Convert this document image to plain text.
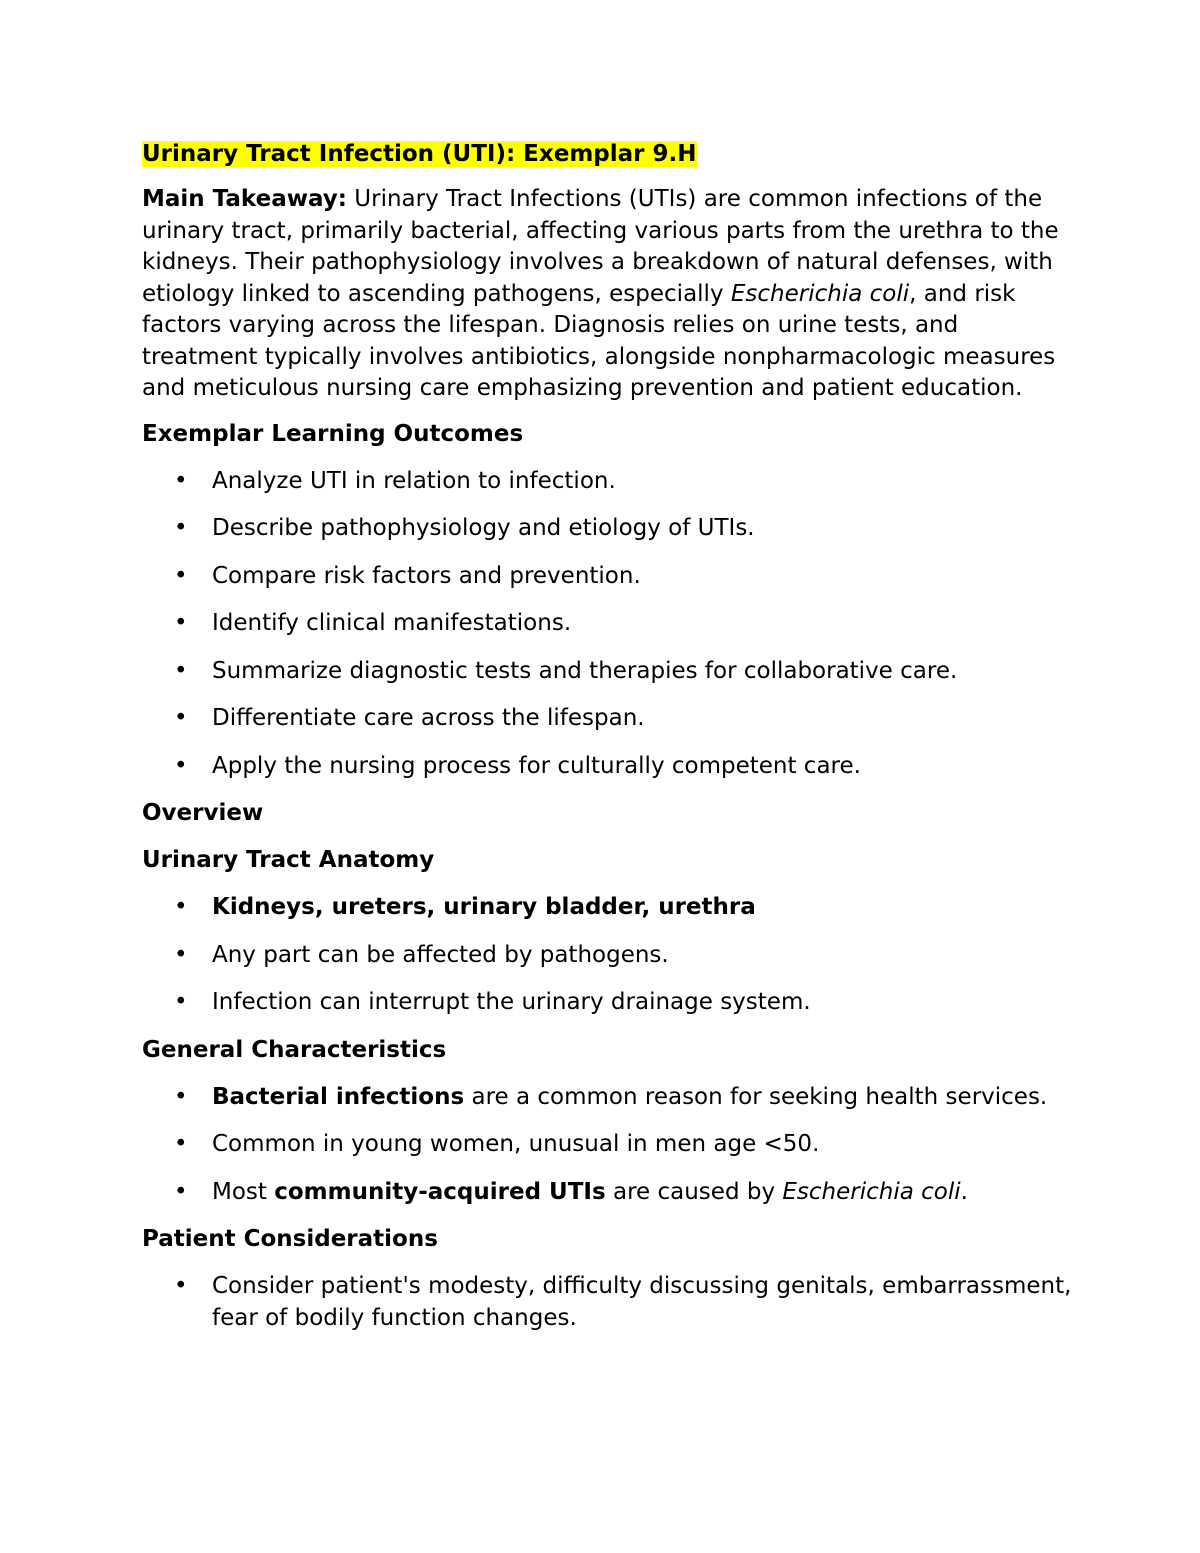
Urinary Tract Infection (UTI): Exemplar 9.H
Main Takeaway: Urinary Tract Infections (UTIs) are common infections of the urinary tract, primarily bacterial, affecting various parts from the urethra to the kidneys. Their pathophysiology involves a breakdown of natural defenses, with etiology linked to ascending pathogens, especially Escherichia coli, and risk factors varying across the lifespan. Diagnosis relies on urine tests, and treatment typically involves antibiotics, alongside nonpharmacologic measures and meticulous nursing care emphasizing prevention and patient education.
Exemplar Learning Outcomes
• Analyze UTI in relation to infection.
• Describe pathophysiology and etiology of UTIs.
• Compare risk factors and prevention.
• Identify clinical manifestations.
• Summarize diagnostic tests and therapies for collaborative care.
• Differentiate care across the lifespan.
• Apply the nursing process for culturally competent care.
Overview
Urinary Tract Anatomy
• Kidneys, ureters, urinary bladder, urethra
• Any part can be affected by pathogens.
• Infection can interrupt the urinary drainage system.
General Characteristics
• Bacterial infections are a common reason for seeking health services.
• Common in young women, unusual in men age <50.
• Most community-acquired UTIs are caused by Escherichia coli.
Patient Considerations
• Consider patient's modesty, difficulty discussing genitals, embarrassment, fear of bodily function changes.
